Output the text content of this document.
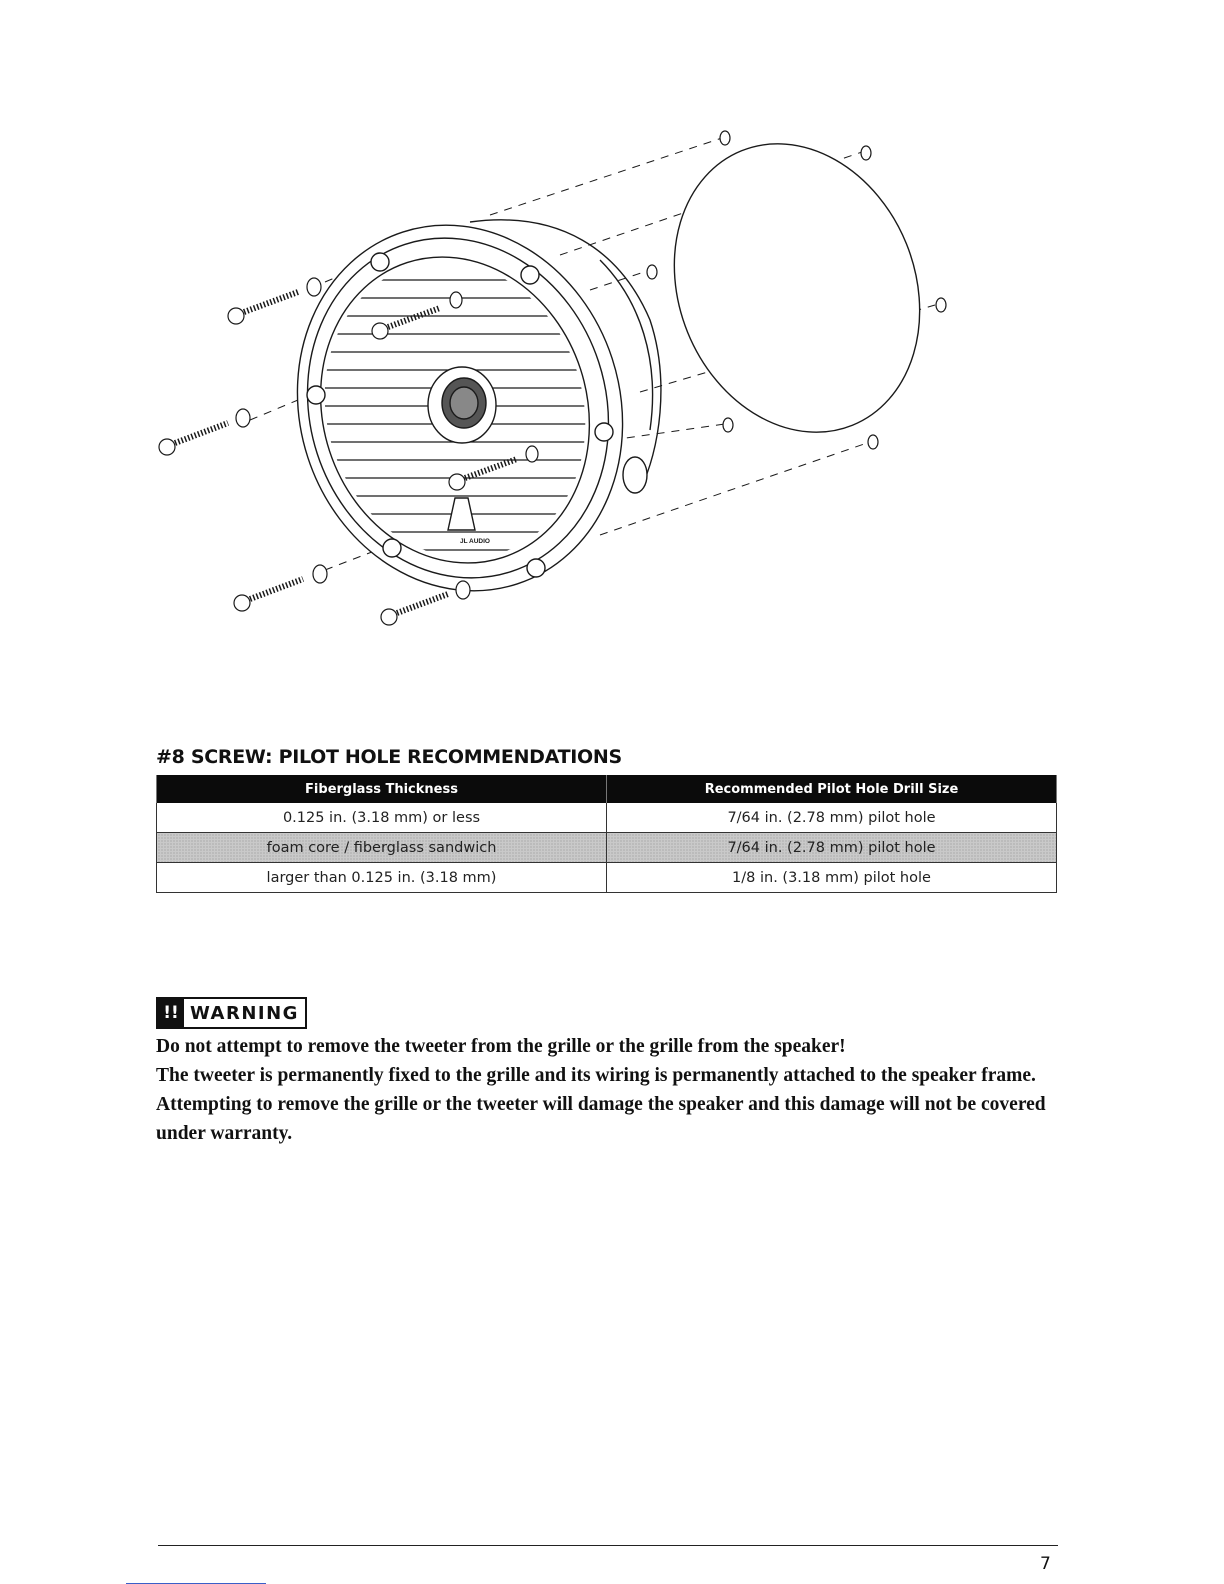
JL AUDIO
#8 SCREW: PILOT HOLE RECOMMENDATIONS
Fiberglass Thickness	Recommended Pilot Hole Drill Size
0.125 in. (3.18 mm) or less	7/64 in. (2.78 mm) pilot hole
foam core / fiberglass sandwich	7/64 in. (2.78 mm) pilot hole
larger than 0.125 in. (3.18 mm)	1/8 in. (3.18 mm) pilot hole
!! WARNING

Do not attempt to remove the tweeter from the grille or the grille from the speaker!

The tweeter is permanently fixed to the grille and its wiring is permanently attached to the speaker frame. Attempting to remove the grille or the tweeter will damage the speaker and this damage will not be covered under warranty.

7
